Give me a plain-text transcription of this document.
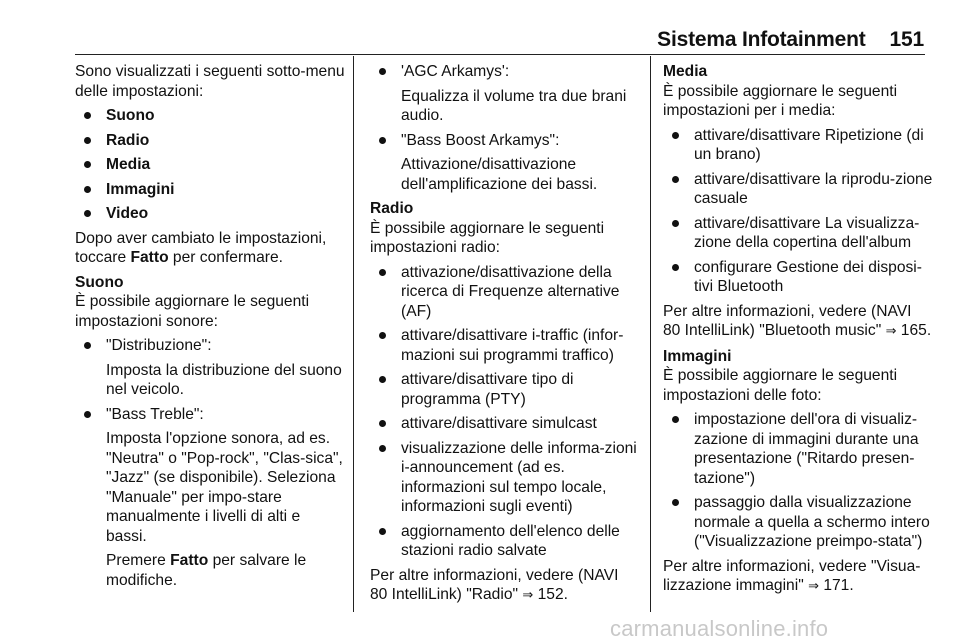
Sistema Infotainment 151

Sono visualizzati i seguenti sotto-menu delle impostazioni:

Suono
Radio
Media
Immagini
Video

Dopo aver cambiato le impostazioni, toccare Fatto per confermare.

Suono

È possibile aggiornare le seguenti impostazioni sonore:

"Distribuzione":
Imposta la distribuzione del suono nel veicolo.
"Bass Treble":
Imposta l'opzione sonora, ad es. "Neutra" o "Pop-rock", "Clas-sica", "Jazz" (se disponibile). Seleziona "Manuale" per impo-stare manualmente i livelli di alti e bassi.
Premere Fatto per salvare le modifiche.
'AGC Arkamys':
Equalizza il volume tra due brani audio.
"Bass Boost Arkamys":
Attivazione/disattivazione dell'amplificazione dei bassi.
Radio

È possibile aggiornare le seguenti impostazioni radio:

attivazione/disattivazione della ricerca di Frequenze alternative (AF)
attivare/disattivare i-traffic (infor-mazioni sui programmi traffico)
attivare/disattivare tipo di programma (PTY)
attivare/disattivare simulcast
visualizzazione delle informa-zioni i-announcement (ad es. informazioni sul tempo locale, informazioni sugli eventi)
aggiornamento dell'elenco delle stazioni radio salvate

Per altre informazioni, vedere (NAVI 80 IntelliLink) "Radio" ⇒ 152.

Media

È possibile aggiornare le seguenti impostazioni per i media:

attivare/disattivare Ripetizione (di un brano)
attivare/disattivare la riprodu-zione casuale
attivare/disattivare La visualizza-zione della copertina dell'album
configurare Gestione dei disposi-tivi Bluetooth

Per altre informazioni, vedere (NAVI 80 IntelliLink) "Bluetooth music" ⇒ 165.

Immagini

È possibile aggiornare le seguenti impostazioni delle foto:

impostazione dell'ora di visualiz-zazione di immagini durante una presentazione ("Ritardo presen-tazione")
passaggio dalla visualizzazione normale a quella a schermo intero ("Visualizzazione preimpo-stata")

Per altre informazioni, vedere "Visua-lizzazione immagini" ⇒ 171.

carmanualsonline.info
